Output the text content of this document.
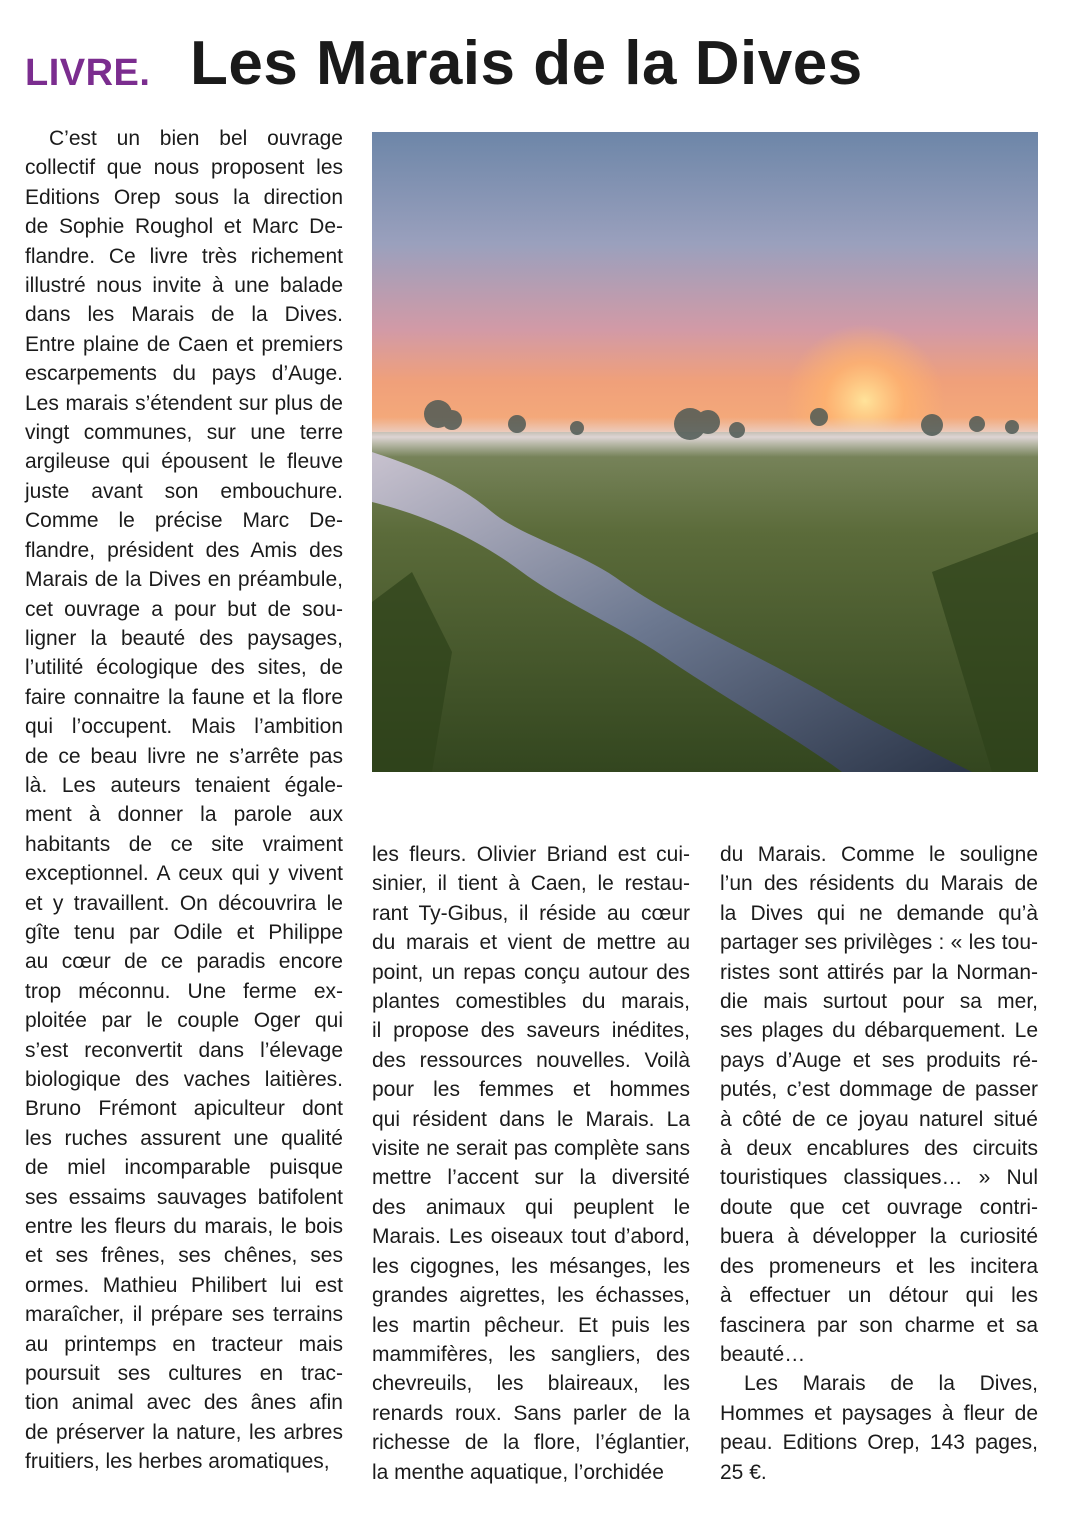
LIVRE. Les Marais de la Dives

C’est un bien bel ouvrage

collectif que nous proposent les

Editions Orep sous la direction

de Sophie Roughol et Marc De-

flandre. Ce livre très richement

illustré nous invite à une balade

dans les Marais de la Dives.

Entre plaine de Caen et premiers

escarpements du pays d’Auge.

Les marais s’étendent sur plus de

vingt communes, sur une terre

argileuse qui épousent le fleuve

juste avant son embouchure.

Comme le précise Marc De-

flandre, président des Amis des

Marais de la Dives en préambule,

cet ouvrage a pour but de sou-

ligner la beauté des paysages,

l’utilité écologique des sites, de

faire connaitre la faune et la flore

qui l’occupent. Mais l’ambition

de ce beau livre ne s’arrête pas

là. Les auteurs tenaient égale-

ment à donner la parole aux

habitants de ce site vraiment

exceptionnel. A ceux qui y vivent

et y travaillent. On découvrira le

gîte tenu par Odile et Philippe

au cœur de ce paradis encore

trop méconnu. Une ferme ex-

ploitée par le couple Oger qui

s’est reconvertit dans l’élevage

biologique des vaches laitières.

Bruno Frémont apiculteur dont

les ruches assurent une qualité

de miel incomparable puisque

ses essaims sauvages batifolent

entre les fleurs du marais, le bois

et ses frênes, ses chênes, ses

ormes. Mathieu Philibert lui est

maraîcher, il prépare ses terrains

au printemps en tracteur mais

poursuit ses cultures en trac-

tion animal avec des ânes afin

de préserver la nature, les arbres

fruitiers, les herbes aromatiques,

les fleurs. Olivier Briand est cui-

sinier, il tient à Caen, le restau-

rant Ty-Gibus, il réside au cœur

du marais et vient de mettre au

point, un repas conçu autour des

plantes comestibles du marais,

il propose des saveurs inédites,

des ressources nouvelles. Voilà

pour les femmes et hommes

qui résident dans le Marais. La

visite ne serait pas complète sans

mettre l’accent sur la diversité

des animaux qui peuplent le

Marais. Les oiseaux tout d’abord,

les cigognes, les mésanges, les

grandes aigrettes, les échasses,

les martin pêcheur. Et puis les

mammifères, les sangliers, des

chevreuils, les blaireaux, les

renards roux. Sans parler de la

richesse de la flore, l’églantier,

la menthe aquatique, l’orchidée

du Marais. Comme le souligne

l’un des résidents du Marais de

la Dives qui ne demande qu’à

partager ses privilèges : « les tou-

ristes sont attirés par la Norman-

die mais surtout pour sa mer,

ses plages du débarquement. Le

pays d’Auge et ses produits ré-

putés, c’est dommage de passer

à côté de ce joyau naturel situé

à deux encablures des circuits

touristiques classiques… » Nul

doute que cet ouvrage contri-

buera à développer la curiosité

des promeneurs et les incitera

à effectuer un détour qui les

fascinera par son charme et sa

beauté…

Les Marais de la Dives,

Hommes et paysages à fleur de

peau. Editions Orep, 143 pages,

25 €.
